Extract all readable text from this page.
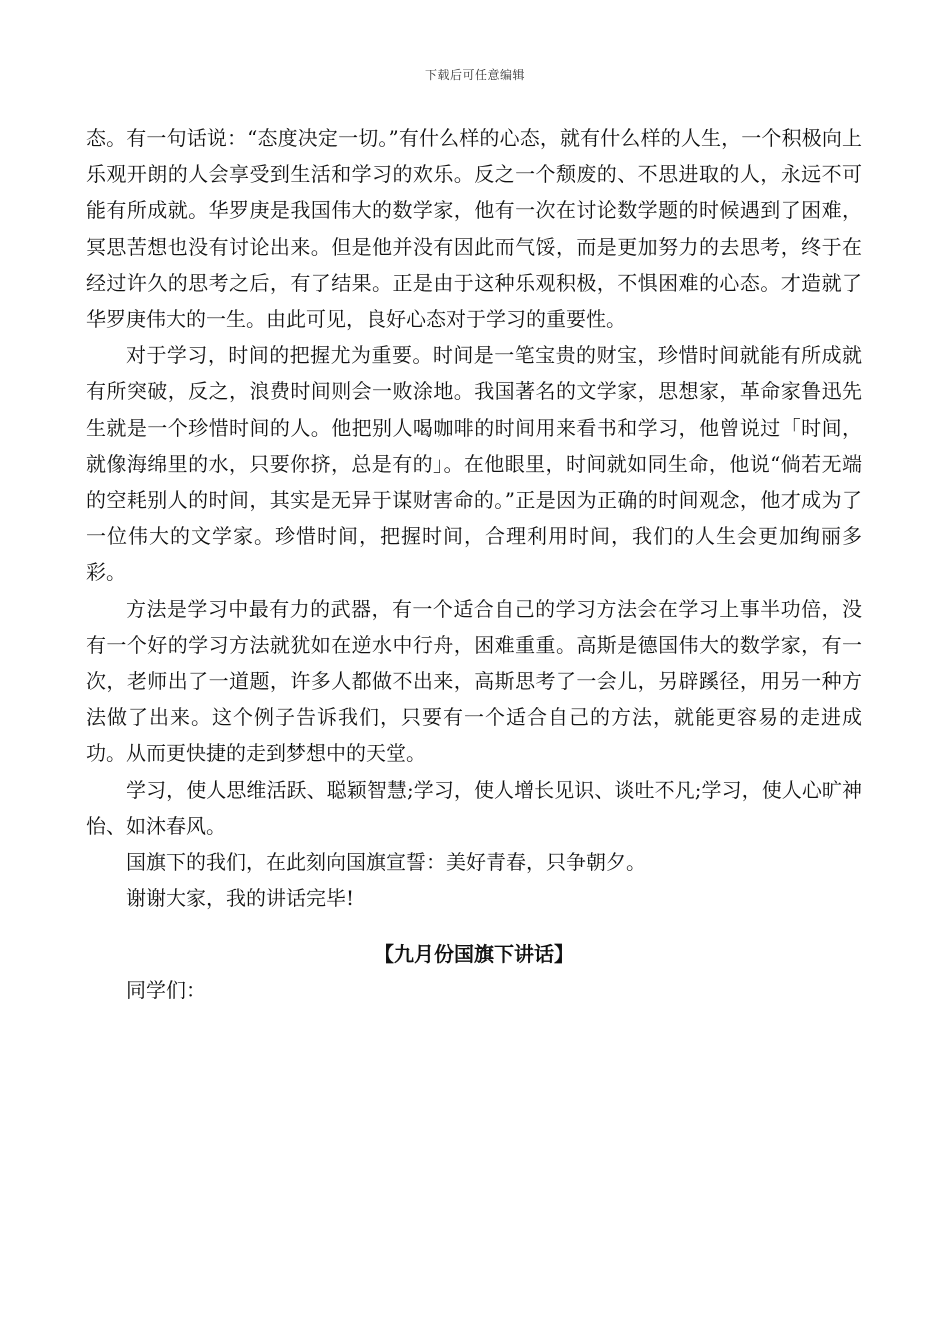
下载后可任意编辑

态。有一句话说：“态度决定一切。”有什么样的心态，就有什么样的人生，一个积极向上乐观开朗的人会享受到生活和学习的欢乐。反之一个颓废的、不思进取的人，永远不可能有所成就。华罗庚是我国伟大的数学家，他有一次在讨论数学题的时候遇到了困难，冥思苦想也没有讨论出来。但是他并没有因此而气馁，而是更加努力的去思考，终于在经过许久的思考之后，有了结果。正是由于这种乐观积极，不惧困难的心态。才造就了华罗庚伟大的一生。由此可见，良好心态对于学习的重要性。

对于学习，时间的把握尤为重要。时间是一笔宝贵的财宝，珍惜时间就能有所成就有所突破，反之，浪费时间则会一败涂地。我国著名的文学家，思想家，革命家鲁迅先生就是一个珍惜时间的人。他把别人喝咖啡的时间用来看书和学习，他曾说过「时间，就像海绵里的水，只要你挤，总是有的」。在他眼里，时间就如同生命，他说“倘若无端的空耗别人的时间，其实是无异于谋财害命的。”正是因为正确的时间观念，他才成为了一位伟大的文学家。珍惜时间，把握时间，合理利用时间，我们的人生会更加绚丽多彩。

方法是学习中最有力的武器，有一个适合自己的学习方法会在学习上事半功倍，没有一个好的学习方法就犹如在逆水中行舟，困难重重。高斯是德国伟大的数学家，有一次，老师出了一道题，许多人都做不出来，高斯思考了一会儿，另辟蹊径，用另一种方法做了出来。这个例子告诉我们，只要有一个适合自己的方法，就能更容易的走进成功。从而更快捷的走到梦想中的天堂。

学习，使人思维活跃、聪颖智慧;学习，使人增长见识、谈吐不凡;学习，使人心旷神怡、如沐春风。

国旗下的我们，在此刻向国旗宣誓：美好青春，只争朝夕。

谢谢大家，我的讲话完毕!

【九月份国旗下讲话】

同学们：
